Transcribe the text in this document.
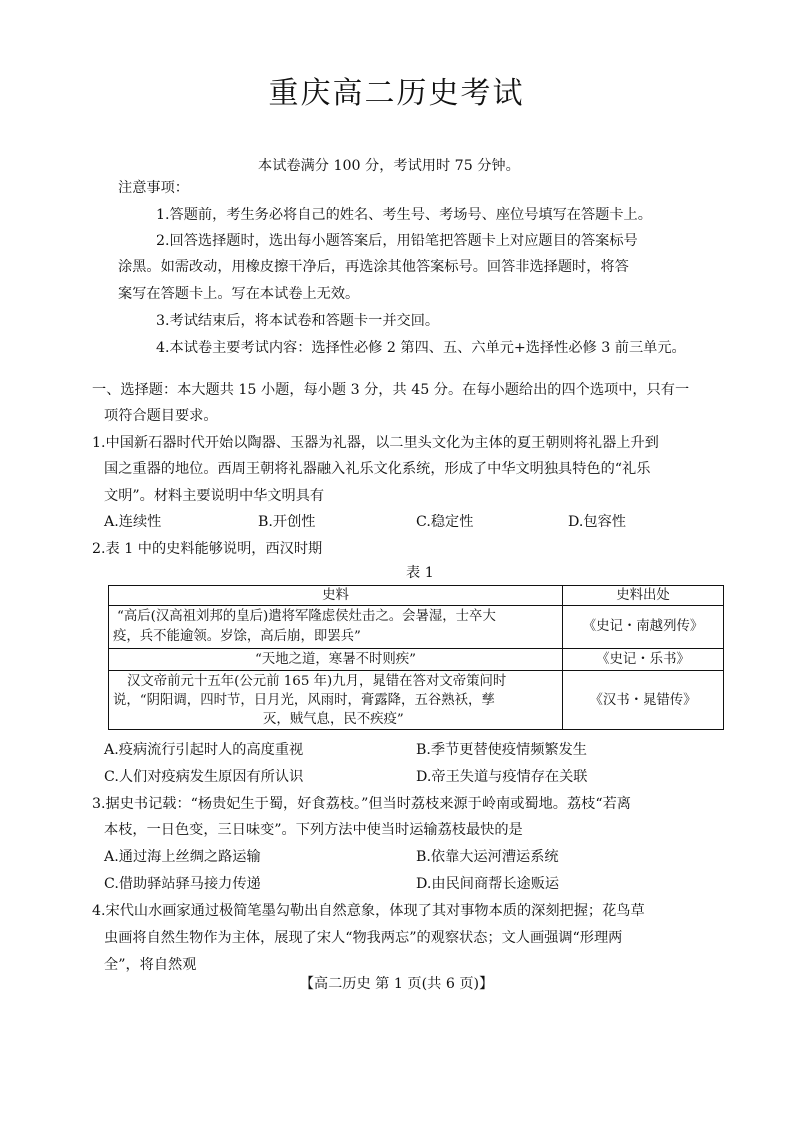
重庆高二历史考试
本试卷满分 100 分，考试用时 75 分钟。
注意事项：
1.答题前，考生务必将自己的姓名、考生号、考场号、座位号填写在答题卡上。
2.回答选择题时，选出每小题答案后，用铅笔把答题卡上对应题目的答案标号
涂黑。如需改动，用橡皮擦干净后，再选涂其他答案标号。回答非选择题时，将答
案写在答题卡上。写在本试卷上无效。
3.考试结束后，将本试卷和答题卡一并交回。
4.本试卷主要考试内容：选择性必修 2 第四、五、六单元+选择性必修 3 前三单元。
一、选择题：本大题共 15 小题，每小题 3 分，共 45 分。在每小题给出的四个选项中，只有一
项符合题目要求。
1.中国新石器时代开始以陶器、玉器为礼器，以二里头文化为主体的夏王朝则将礼器上升到
国之重器的地位。西周王朝将礼器融入礼乐文化系统，形成了中华文明独具特色的“礼乐
文明”。材料主要说明中华文明具有
A.连续性	B.开创性	C.稳定性	D.包容性
2.表 1 中的史料能够说明，西汉时期
表 1
史料	史料出处

“高后(汉高祖刘邦的皇后)遣将军隆虑侯灶击之。会暑湿，士卒大
疫，兵不能逾领。岁馀，高后崩，即罢兵”	《史记・南越列传》

“天地之道，寒暑不时则疾”	《史记・乐书》

汉文帝前元十五年(公元前 165 年)九月，晁错在答对文帝策问时
说，“阴阳调，四时节，日月光，风雨时，膏露降，五谷熟袄，孳
灭，贼气息，民不疾疫”	《汉书・晁错传》
A.疫病流行引起时人的高度重视	B.季节更替使疫情频繁发生
C.人们对疫病发生原因有所认识	D.帝王失道与疫情存在关联
3.据史书记载：“杨贵妃生于蜀，好食荔枝。”但当时荔枝来源于岭南或蜀地。荔枝“若离
本枝，一日色变，三日味变”。下列方法中使当时运输荔枝最快的是
A.通过海上丝绸之路运输	B.依靠大运河漕运系统
C.借助驿站驿马接力传递	D.由民间商帮长途贩运
4.宋代山水画家通过极简笔墨勾勒出自然意象，体现了其对事物本质的深刻把握；花鸟草
虫画将自然生物作为主体，展现了宋人“物我两忘”的观察状态；文人画强调“形理两
全”，将自然观
【高二历史 第 1 页(共 6 页)】
